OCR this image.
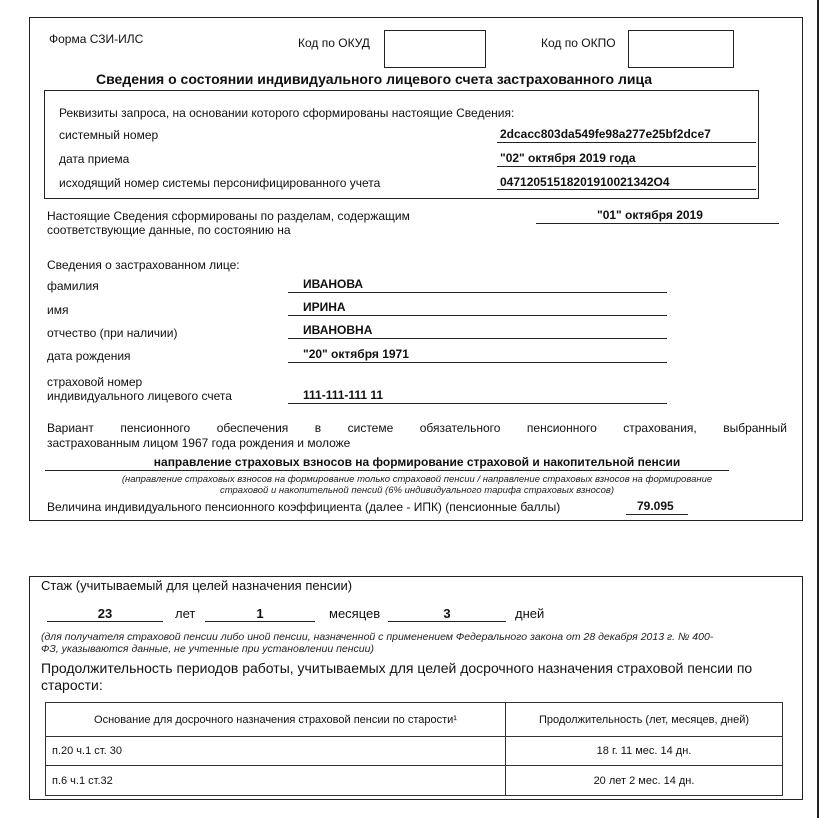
Форма СЗИ-ИЛС	Код по ОКУД	Код по ОКПО
Сведения о состоянии индивидуального лицевого счета застрахованного лица
Реквизиты запроса, на основании которого сформированы настоящие Сведения:
системный номер	2dcacc803da549fe98a277e25bf2dce7
дата приема	"02" октября 2019 года
исходящий номер системы персонифицированного учета	04712051518201910021342O4
Настоящие Сведения сформированы по разделам, содержащим
соответствующие данные, по состоянию на
"01" октября 2019
Сведения о застрахованном лице:
фамилия	ИВАНОВА
имя	ИРИНА
отчество (при наличии)	ИВАНОВНА
дата рождения	"20" октября 1971
страховой номер
индивидуального лицевого счета	111-111-111 11
Вариант пенсионного обеспечения в системе обязательного пенсионного страхования, выбранный
застрахованным лицом 1967 года рождения и моложе
направление страховых взносов на формирование страховой и накопительной пенсии
(направление страховых взносов на формирование только страховой пенсии / направление страховых взносов на формирование
страховой и накопительной пенсий (6% индивидуального тарифа страховых взносов)
Величина индивидуального пенсионного коэффициента (далее - ИПК) (пенсионные баллы)	79.095
Стаж (учитываемый для целей назначения пенсии)
23	лет	1	месяцев	3	дней
(для получателя страховой пенсии либо иной пенсии, назначенной с применением Федерального закона от 28 декабря 2013 г. № 400-
ФЗ, указываются данные, не учтенные при установлении пенсии)
Продолжительность периодов работы, учитываемых для целей досрочного назначения страховой пенсии по
старости:
Основание для досрочного назначения страховой пенсии по старости¹	Продолжительность (лет, месяцев, дней)
п.20 ч.1 ст. 30	18 г. 11 мес. 14 дн.
п.6 ч.1 ст.32	20 лет 2 мес. 14 дн.
